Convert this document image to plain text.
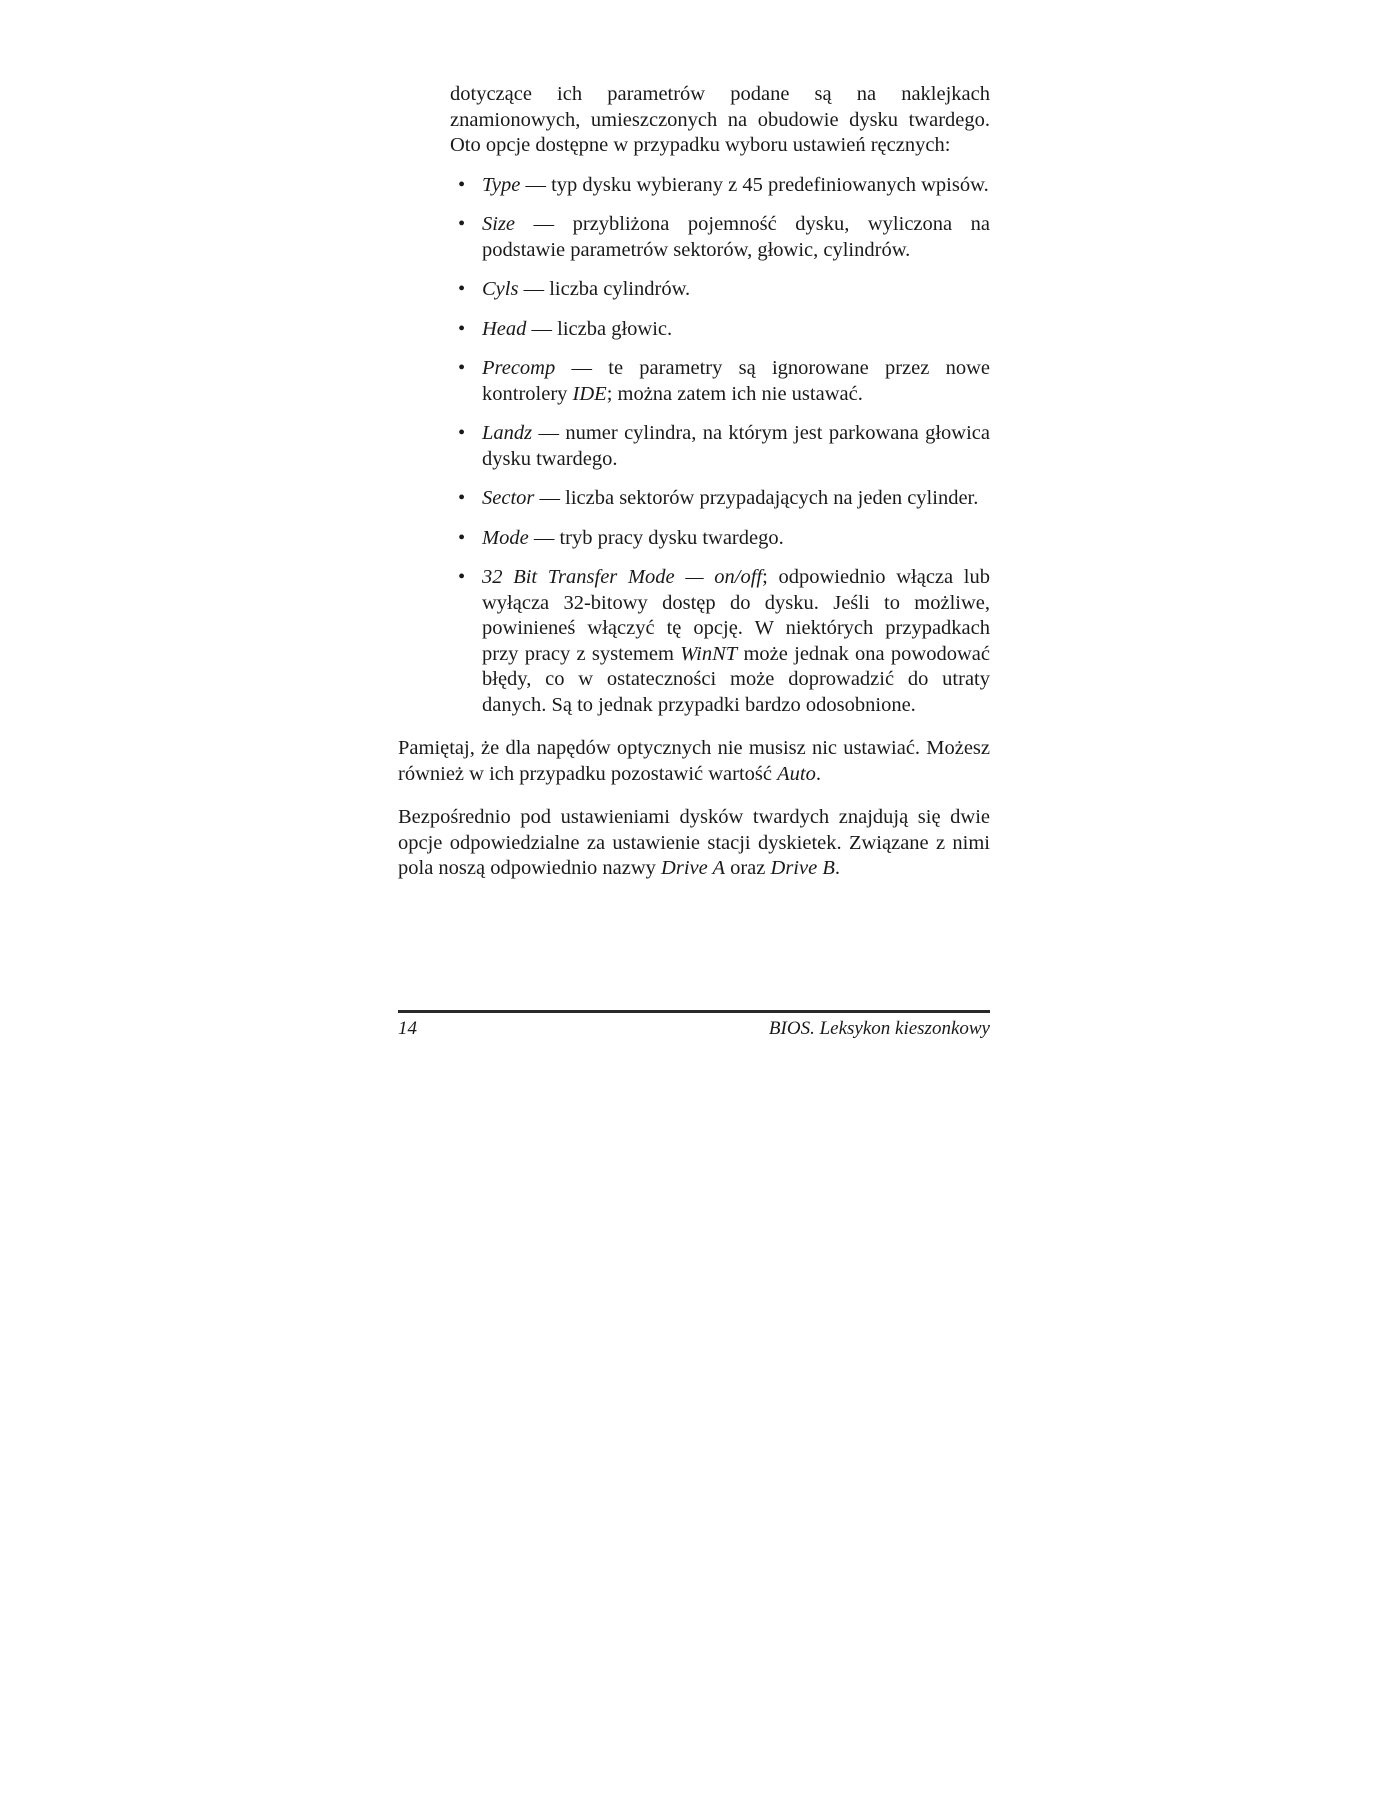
dotyczące ich parametrów podane są na naklejkach znamionowych, umieszczonych na obudowie dysku twardego. Oto opcje dostępne w przypadku wyboru ustawień ręcznych:

• Type — typ dysku wybierany z 45 predefiniowanych wpisów.
• Size — przybliżona pojemność dysku, wyliczona na podstawie parametrów sektorów, głowic, cylindrów.
• Cyls — liczba cylindrów.
• Head — liczba głowic.
• Precomp — te parametry są ignorowane przez nowe kontrolery IDE; można zatem ich nie ustawać.
• Landz — numer cylindra, na którym jest parkowana głowica dysku twardego.
• Sector — liczba sektorów przypadających na jeden cylinder.
• Mode — tryb pracy dysku twardego.
• 32 Bit Transfer Mode — on/off; odpowiednio włącza lub wyłącza 32-bitowy dostęp do dysku. Jeśli to możliwe, powinieneś włączyć tę opcję. W niektórych przypadkach przy pracy z systemem WinNT może jednak ona powodować błędy, co w ostateczności może doprowadzić do utraty danych. Są to jednak przypadki bardzo odosobnione.

Pamiętaj, że dla napędów optycznych nie musisz nic ustawiać. Możesz również w ich przypadku pozostawić wartość Auto.

Bezpośrednio pod ustawieniami dysków twardych znajdują się dwie opcje odpowiedzialne za ustawienie stacji dyskietek. Związane z nimi pola noszą odpowiednio nazwy Drive A oraz Drive B.

14	BIOS. Leksykon kieszonkowy
